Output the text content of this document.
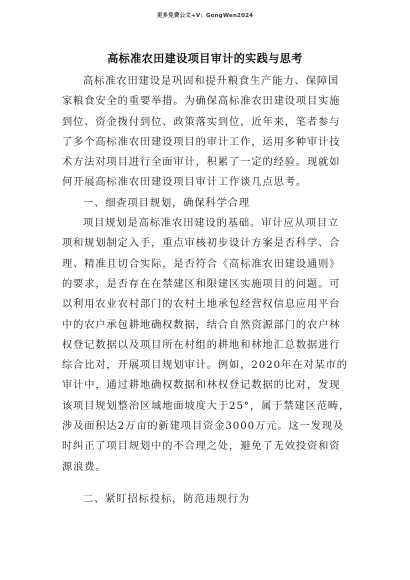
更多免费公文+V：GongWen2024
高标准农田建设项目审计的实践与思考
高标准农田建设是巩固和提升粮食生产能力、保障国
家粮食安全的重要举措。为确保高标准农田建设项目实施
到位、资金拨付到位、政策落实到位，近年来，笔者参与
了多个高标准农田建设项目的审计工作，运用多种审计技
术方法对项目进行全面审计，积累了一定的经验。现就如
何开展高标准农田建设项目审计工作谈几点思考。
一、细查项目规划，确保科学合理
项目规划是高标准农田建设的基础。审计应从项目立
项和规划制定入手，重点审核初步设计方案是否科学、合
理、精准且切合实际，是否符合《高标准农田建设通则》
的要求，是否存在在禁建区和限建区实施项目的问题。可
以利用农业农村部门的农村土地承包经营权信息应用平台
中的农户承包耕地确权数据，结合自然资源部门的农户林
权登记数据以及项目所在村组的耕地和林地汇总数据进行
综合比对，开展项目规划审计。例如，2020年在对某市的
审计中，通过耕地确权数据和林权登记数据的比对，发现
该项目规划整治区域地面坡度大于25°，属于禁建区范畴，
涉及面积达2万亩的新建项目资金3000万元。这一发现及
时纠正了项目规划中的不合理之处，避免了无效投资和资
源浪费。
二、紧盯招标投标，防范违规行为
